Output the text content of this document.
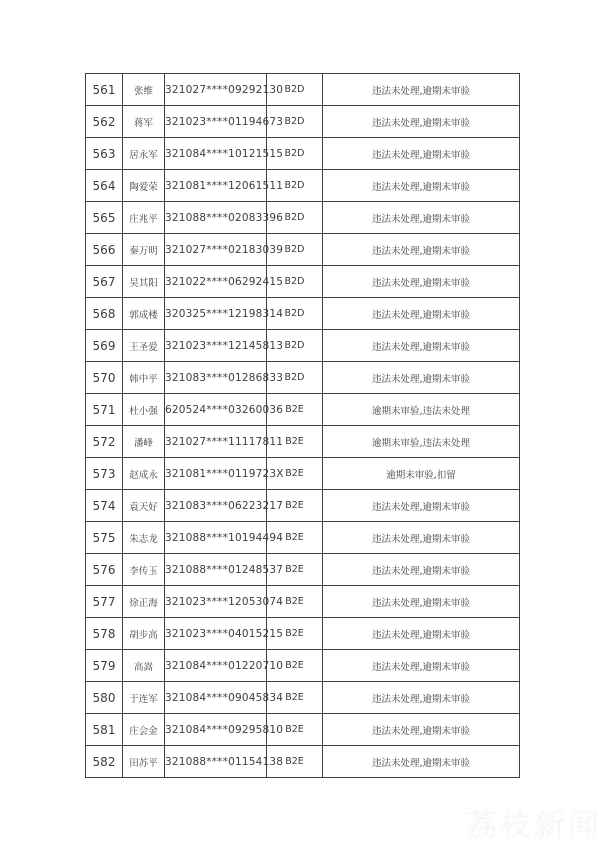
561	张维	321027****09292130	B2D	违法未处理,逾期未审验
562	蒋军	321023****01194673	B2D	违法未处理,逾期未审验
563	居永军	321084****10121515	B2D	违法未处理,逾期未审验
564	陶爱荣	321081****12061511	B2D	违法未处理,逾期未审验
565	庄兆平	321088****02083396	B2D	违法未处理,逾期未审验
566	秦万明	321027****02183039	B2D	违法未处理,逾期未审验
567	吴其阳	321022****06292415	B2D	违法未处理,逾期未审验
568	郭成楼	320325****12198314	B2D	违法未处理,逾期未审验
569	王圣爱	321023****12145813	B2D	违法未处理,逾期未审验
570	韩中平	321083****01286833	B2D	违法未处理,逾期未审验
571	杜小强	620524****03260036	B2E	逾期未审验,违法未处理
572	潘峰	321027****11117811	B2E	逾期未审验,违法未处理
573	赵成永	321081****0119723X	B2E	逾期未审验,扣留
574	袁天好	321083****06223217	B2E	违法未处理,逾期未审验
575	朱志龙	321088****10194494	B2E	违法未处理,逾期未审验
576	李传玉	321088****01248537	B2E	违法未处理,逾期未审验
577	徐正海	321023****12053074	B2E	违法未处理,逾期未审验
578	胡步高	321023****04015215	B2E	违法未处理,逾期未审验
579	高嵩	321084****01220710	B2E	违法未处理,逾期未审验
580	于连军	321084****09045834	B2E	违法未处理,逾期未审验
581	庄会金	321084****09295810	B2E	违法未处理,逾期未审验
582	田苏平	321088****01154138	B2E	违法未处理,逾期未审验
荔枝新闻
